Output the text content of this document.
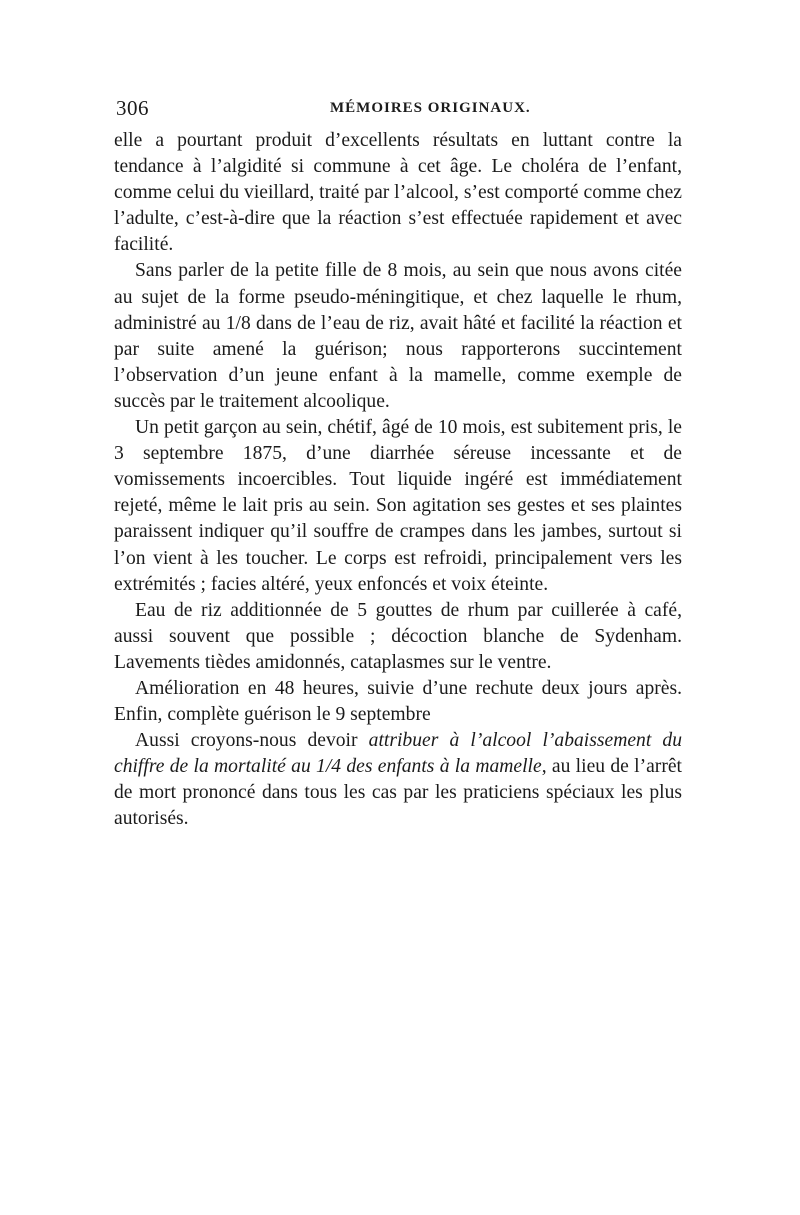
306	MÉMOIRES ORIGINAUX.

elle a pourtant produit d’excellents résultats en luttant contre la tendance à l’algidité si commune à cet âge. Le choléra de l’enfant, comme celui du vieillard, traité par l’alcool, s’est comporté comme chez l’adulte, c’est-à-dire que la réaction s’est effectuée rapidement et avec facilité.

Sans parler de la petite fille de 8 mois, au sein que nous avons citée au sujet de la forme pseudo-méningitique, et chez laquelle le rhum, administré au 1/8 dans de l’eau de riz, avait hâté et facilité la réaction et par suite amené la guérison; nous rapporterons succintement l’observation d’un jeune enfant à la mamelle, comme exemple de succès par le traitement alcoolique.

Un petit garçon au sein, chétif, âgé de 10 mois, est subitement pris, le 3 septembre 1875, d’une diarrhée séreuse incessante et de vomissements incoercibles. Tout liquide ingéré est immédiatement rejeté, même le lait pris au sein. Son agitation ses gestes et ses plaintes paraissent indiquer qu’il souffre de crampes dans les jambes, surtout si l’on vient à les toucher. Le corps est refroidi, principalement vers les extrémités ; facies altéré, yeux enfoncés et voix éteinte.

Eau de riz additionnée de 5 gouttes de rhum par cuillerée à café, aussi souvent que possible ; décoction blanche de Sydenham. Lavements tièdes amidonnés, cataplasmes sur le ventre.

Amélioration en 48 heures, suivie d’une rechute deux jours après. Enfin, complète guérison le 9 septembre

Aussi croyons-nous devoir attribuer à l’alcool l’abaissement du chiffre de la mortalité au 1/4 des enfants à la mamelle, au lieu de l’arrêt de mort prononcé dans tous les cas par les praticiens spéciaux les plus autorisés.
